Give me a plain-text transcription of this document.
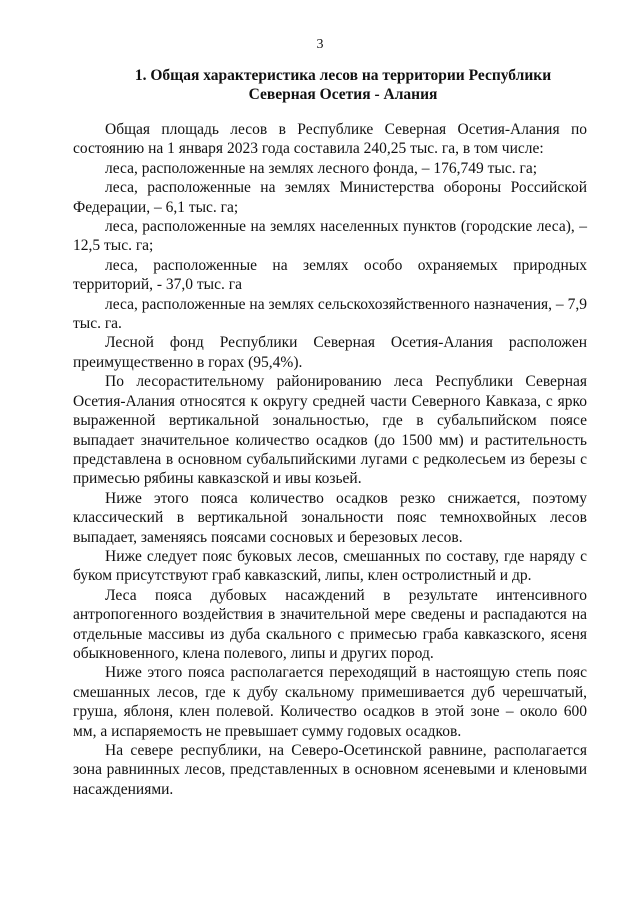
3
1. Общая характеристика лесов на территории Республики Северная Осетия - Алания

Общая площадь лесов в Республике Северная Осетия-Алания по состоянию на 1 января 2023 года составила 240,25 тыс. га, в том числе:

леса, расположенные на землях лесного фонда, – 176,749 тыс. га;

леса, расположенные на землях Министерства обороны Российской Федерации, – 6,1 тыс. га;

леса, расположенные на землях населенных пунктов (городские леса), – 12,5 тыс. га;

леса, расположенные на землях особо охраняемых природных территорий, - 37,0 тыс. га

леса, расположенные на землях сельскохозяйственного назначения, – 7,9 тыс. га.

Лесной фонд Республики Северная Осетия-Алания расположен преимущественно в горах (95,4%).

По лесорастительному районированию леса Республики Северная Осетия-Алания относятся к округу средней части Северного Кавказа, с ярко выраженной вертикальной зональностью, где в субальпийском поясе выпадает значительное количество осадков (до 1500 мм) и растительность представлена в основном субальпийскими лугами с редколесьем из березы с примесью рябины кавказской и ивы козьей.

Ниже этого пояса количество осадков резко снижается, поэтому классический в вертикальной зональности пояс темнохвойных лесов выпадает, заменяясь поясами сосновых и березовых лесов.

Ниже следует пояс буковых лесов, смешанных по составу, где наряду с буком присутствуют граб кавказский, липы, клен остролистный и др.

Леса пояса дубовых насаждений в результате интенсивного антропогенного воздействия в значительной мере сведены и распадаются на отдельные массивы из дуба скального с примесью граба кавказского, ясеня обыкновенного, клена полевого, липы и других пород.

Ниже этого пояса располагается переходящий в настоящую степь пояс смешанных лесов, где к дубу скальному примешивается дуб черешчатый, груша, яблоня, клен полевой. Количество осадков в этой зоне – около 600 мм, а испаряемость не превышает сумму годовых осадков.

На севере республики, на Северо-Осетинской равнине, располагается зона равнинных лесов, представленных в основном ясеневыми и кленовыми насаждениями.
